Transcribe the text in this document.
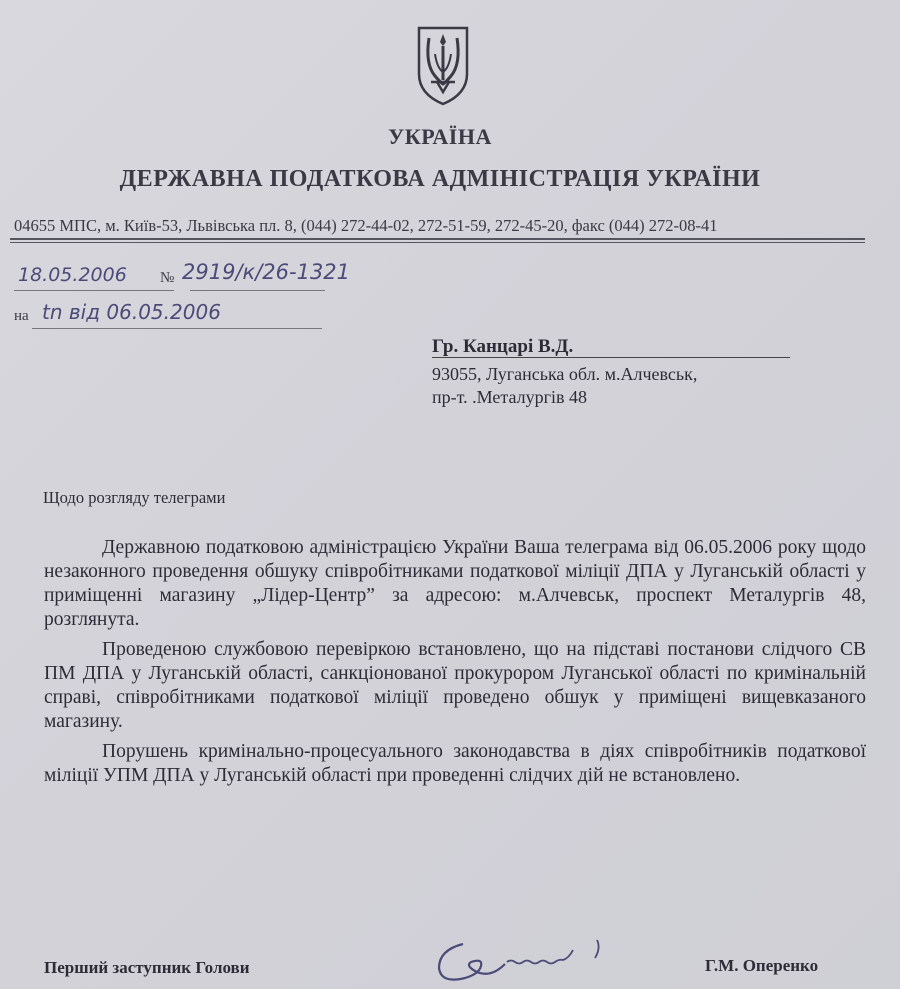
УКРАЇНА
ДЕРЖАВНА ПОДАТКОВА АДМІНІСТРАЦІЯ УКРАЇНИ
04655 МПС, м. Київ-53, Львівська пл. 8, (044) 272-44-02, 272-51-59, 272-45-20, факс (044) 272-08-41
18.05.2006 № 2919/к/26-1321
на tn від 06.05.2006
Гр. Канцарі В.Д.
93055, Луганська обл. м.Алчевськ,
пр-т. .Металургів 48
Щодо розгляду телеграми

Державною податковою адміністрацією України Ваша телеграма від 06.05.2006 року щодо незаконного проведення обшуку співробітниками податкової міліції ДПА у Луганській області у приміщенні магазину „Лідер-Центр” за адресою: м.Алчевськ, проспект Металургів 48, розглянута.

Проведеною службовою перевіркою встановлено, що на підставі постанови слідчого СВ ПМ ДПА у Луганській області, санкціонованої прокурором Луганської області по кримінальній справі, співробітниками податкової міліції проведено обшук у приміщені вищевказаного магазину.

Порушень кримінально-процесуального законодавства в діях співробітників податкової міліції УПМ ДПА у Луганській області при проведенні слідчих дій не встановлено.

Перший заступник Голови	Г.М. Оперенко
